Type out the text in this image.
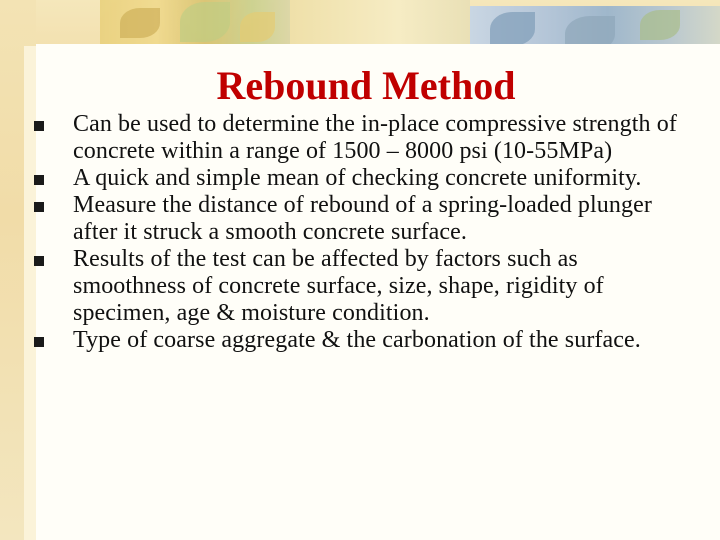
Rebound Method
Can be used to determine the in-place compressive strength of concrete within a range of 1500 – 8000 psi (10-55MPa)
A quick and simple mean of checking concrete uniformity.
Measure the distance of rebound of a spring-loaded plunger after it struck a smooth concrete surface.
Results of the test can be affected by factors such as smoothness of concrete surface, size, shape, rigidity of specimen, age & moisture condition.
Type of coarse aggregate & the carbonation of the surface.
